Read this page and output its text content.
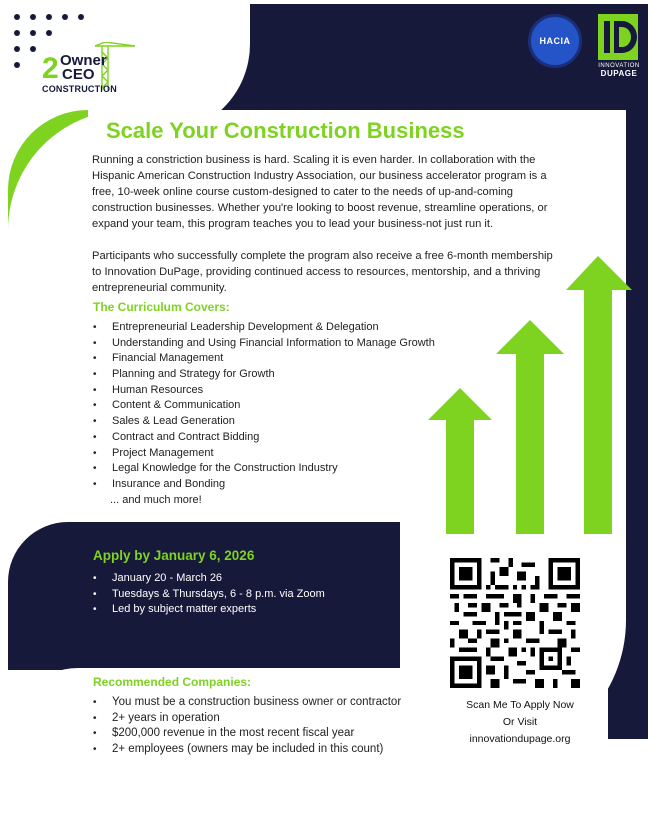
2 Owner
CEO
CONSTRUCTION
HACIA
INNOVATION
DUPAGE
Scale Your Construction Business

Running a constriction business is hard. Scaling it is even harder. In collaboration with the Hispanic American Construction Industry Association, our business accelerator program is a free, 10-week online course custom-designed to cater to the needs of up-and-coming construction businesses. Whether you're looking to boost revenue, streamline operations, or expand your team, this program teaches you to lead your business-not just run it.

Participants who successfully complete the program also receive a free 6-month membership to Innovation DuPage, providing continued access to resources, mentorship, and a thriving entrepreneurial community.

The Curriculum Covers:
• Entrepreneurial Leadership Development & Delegation
• Understanding and Using Financial Information to Manage Growth
• Financial Management
• Planning and Strategy for Growth
• Human Resources
• Content & Communication
• Sales & Lead Generation
• Contract and Contract Bidding
• Project Management
• Legal Knowledge for the Construction Industry
• Insurance and Bonding
... and much more!
Apply by January 6, 2026
• January 20 - March 26
• Tuesdays & Thursdays, 6 - 8 p.m. via Zoom
• Led by subject matter experts
Recommended Companies:
• You must be a construction business owner or contractor
• 2+ years in operation
• $200,000 revenue in the most recent fiscal year
• 2+ employees (owners may be included in this count)
Scan Me To Apply Now
Or Visit
innovationdupage.org
